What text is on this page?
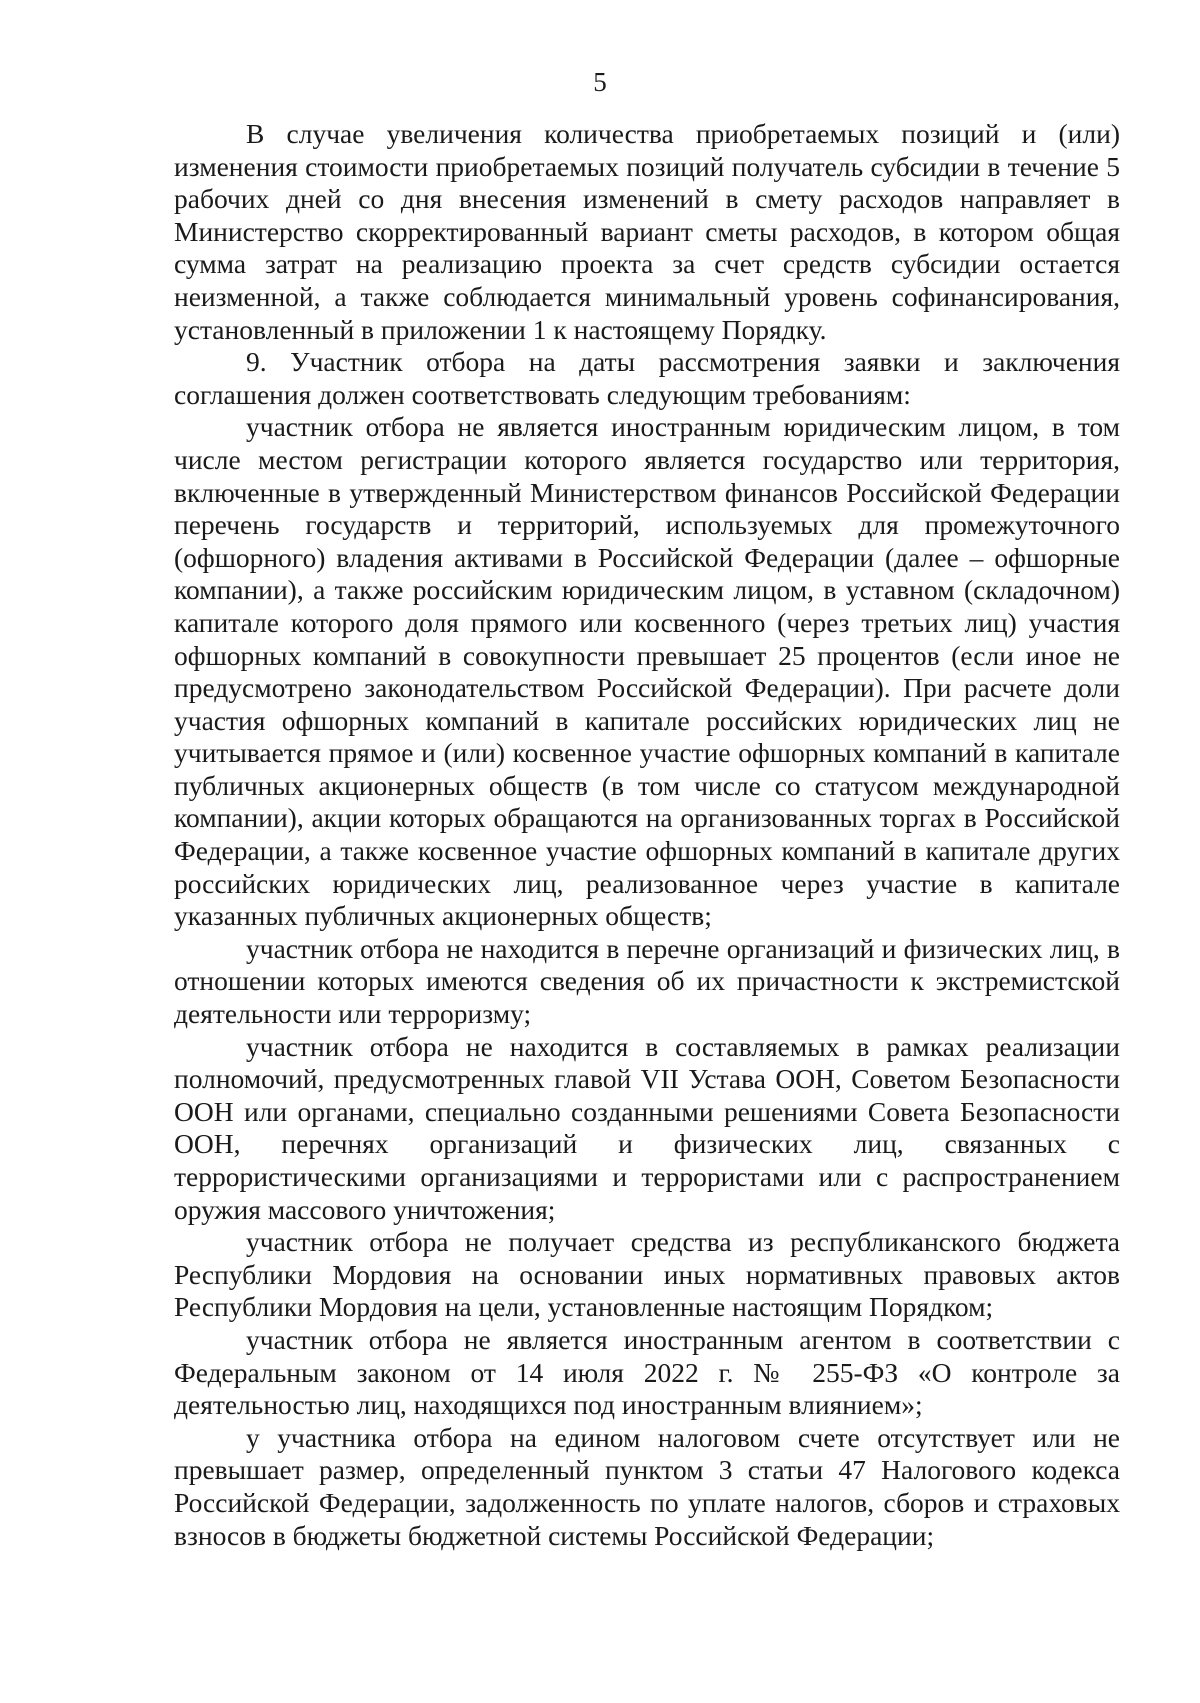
5

В случае увеличения количества приобретаемых позиций и (или) изменения стоимости приобретаемых позиций получатель субсидии в течение 5 рабочих дней со дня внесения изменений в смету расходов направляет в Министерство скорректированный вариант сметы расходов, в котором общая сумма затрат на реализацию проекта за счет средств субсидии остается неизменной, а также соблюдается минимальный уровень софинансирования, установленный в приложении 1 к настоящему Порядку.

9. Участник отбора на даты рассмотрения заявки и заключения соглашения должен соответствовать следующим требованиям:

участник отбора не является иностранным юридическим лицом, в том числе местом регистрации которого является государство или территория, включенные в утвержденный Министерством финансов Российской Федерации перечень государств и территорий, используемых для промежуточного (офшорного) владения активами в Российской Федерации (далее – офшорные компании), а также российским юридическим лицом, в уставном (складочном) капитале которого доля прямого или косвенного (через третьих лиц) участия офшорных компаний в совокупности превышает 25 процентов (если иное не предусмотрено законодательством Российской Федерации). При расчете доли участия офшорных компаний в капитале российских юридических лиц не учитывается прямое и (или) косвенное участие офшорных компаний в капитале публичных акционерных обществ (в том числе со статусом международной компании), акции которых обращаются на организованных торгах в Российской Федерации, а также косвенное участие офшорных компаний в капитале других российских юридических лиц, реализованное через участие в капитале указанных публичных акционерных обществ;

участник отбора не находится в перечне организаций и физических лиц, в отношении которых имеются сведения об их причастности к экстремистской деятельности или терроризму;

участник отбора не находится в составляемых в рамках реализации полномочий, предусмотренных главой VII Устава ООН, Советом Безопасности ООН или органами, специально созданными решениями Совета Безопасности ООН, перечнях организаций и физических лиц, связанных с террористическими организациями и террористами или с распространением оружия массового уничтожения;

участник отбора не получает средства из республиканского бюджета Республики Мордовия на основании иных нормативных правовых актов Республики Мордовия на цели, установленные настоящим Порядком;

участник отбора не является иностранным агентом в соответствии с Федеральным законом от 14 июля 2022 г. № 255-ФЗ «О контроле за деятельностью лиц, находящихся под иностранным влиянием»;

у участника отбора на едином налоговом счете отсутствует или не превышает размер, определенный пунктом 3 статьи 47 Налогового кодекса Российской Федерации, задолженность по уплате налогов, сборов и страховых взносов в бюджеты бюджетной системы Российской Федерации;
